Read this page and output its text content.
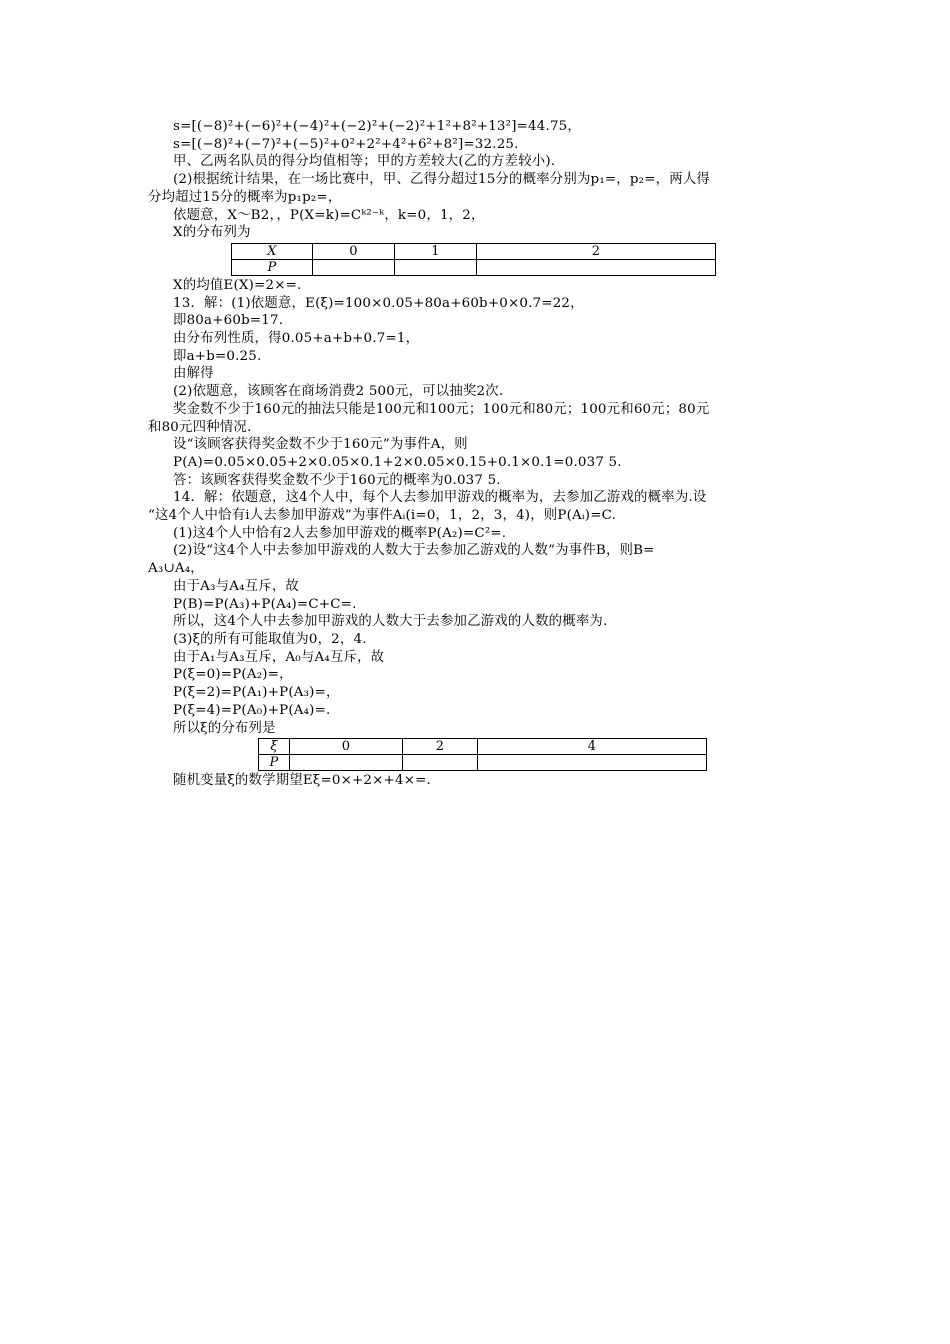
s=[(−8)²+(−6)²+(−4)²+(−2)²+(−2)²+1²+8²+13²]=44.75，
s=[(−8)²+(−7)²+(−5)²+0²+2²+4²+6²+8²]=32.25.
甲、乙两名队员的得分均值相等；甲的方差较大(乙的方差较小).
(2)根据统计结果，在一场比赛中，甲、乙得分超过15分的概率分别为p₁=，p₂=，两人得
分均超过15分的概率为p₁p₂=，
依题意，X～B2，，P(X=k)=Cᵏ²⁻ᵏ，k=0，1，2，
X的分布列为
X	0	1	2
P			
X的均值E(X)=2×=.
13．解：(1)依题意，E(ξ)=100×0.05+80a+60b+0×0.7=22，
即80a+60b=17.
由分布列性质，得0.05+a+b+0.7=1，
即a+b=0.25.
由解得
(2)依题意，该顾客在商场消费2 500元，可以抽奖2次.
奖金数不少于160元的抽法只能是100元和100元；100元和80元；100元和60元；80元
和80元四种情况.
设“该顾客获得奖金数不少于160元”为事件A，则
P(A)=0.05×0.05+2×0.05×0.1+2×0.05×0.15+0.1×0.1=0.037 5.
答：该顾客获得奖金数不少于160元的概率为0.037 5.
14．解：依题意，这4个人中，每个人去参加甲游戏的概率为，去参加乙游戏的概率为.设
“这4个人中恰有i人去参加甲游戏”为事件Aᵢ(i=0，1，2，3，4)，则P(Aᵢ)=C.
(1)这4个人中恰有2人去参加甲游戏的概率P(A₂)=C²=.
(2)设“这4个人中去参加甲游戏的人数大于去参加乙游戏的人数”为事件B，则B=
A₃∪A₄，
由于A₃与A₄互斥，故
P(B)=P(A₃)+P(A₄)=C+C=.
所以，这4个人中去参加甲游戏的人数大于去参加乙游戏的人数的概率为.
(3)ξ的所有可能取值为0，2，4.
由于A₁与A₃互斥，A₀与A₄互斥，故
P(ξ=0)=P(A₂)=，
P(ξ=2)=P(A₁)+P(A₃)=，
P(ξ=4)=P(A₀)+P(A₄)=.
所以ξ的分布列是
ξ	0	2	4
P			
随机变量ξ的数学期望Eξ=0×+2×+4×=.
